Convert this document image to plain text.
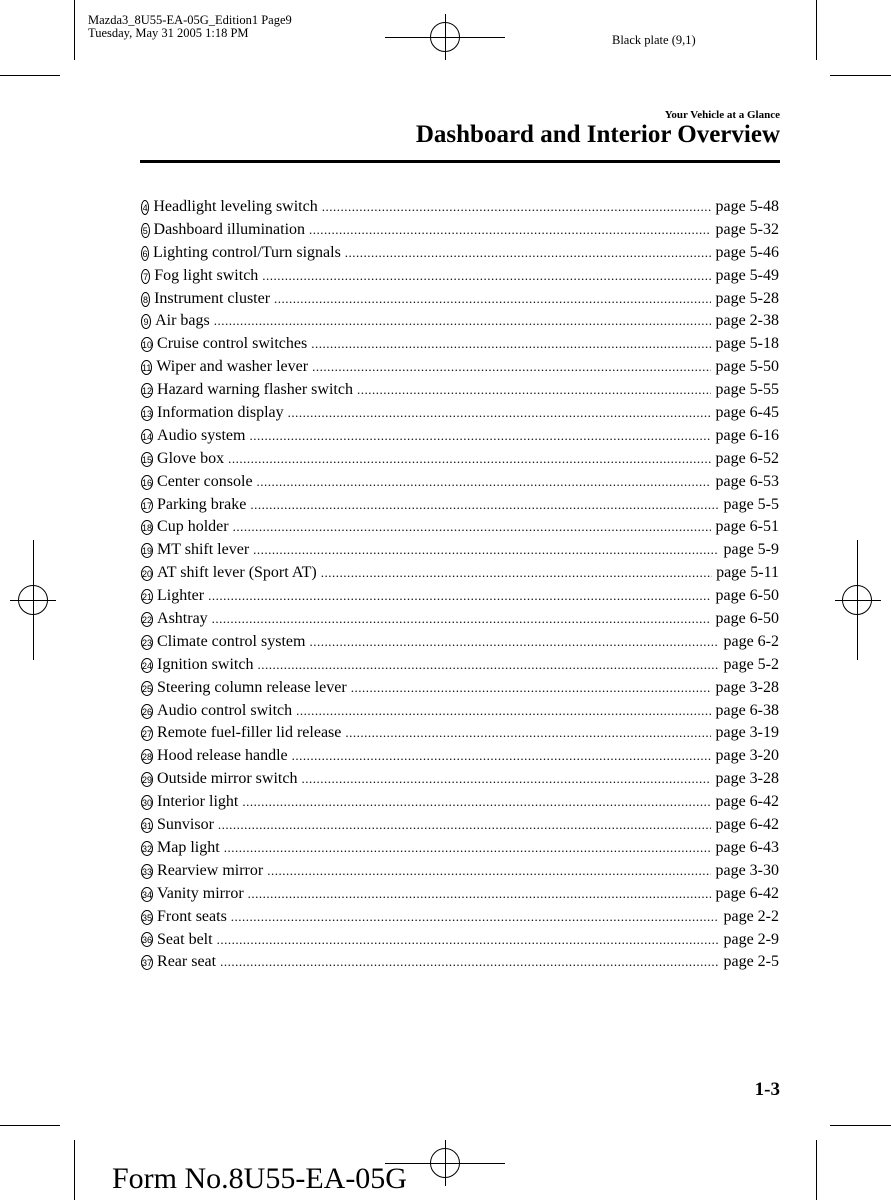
Mazda3_8U55-EA-05G_Edition1 Page9
Tuesday, May 31 2005 1:18 PM	Black plate (9,1)
Your Vehicle at a Glance
Dashboard and Interior Overview
4 Headlight leveling switch .....	page 5-48
5 Dashboard illumination .....	page 5-32
6 Lighting control/Turn signals .....	page 5-46
7 Fog light switch .....	page 5-49
8 Instrument cluster .....	page 5-28
9 Air bags .....	page 2-38
10 Cruise control switches .....	page 5-18
11 Wiper and washer lever .....	page 5-50
12 Hazard warning flasher switch .....	page 5-55
13 Information display .....	page 6-45
14 Audio system .....	page 6-16
15 Glove box .....	page 6-52
16 Center console .....	page 6-53
17 Parking brake .....	page 5-5
18 Cup holder .....	page 6-51
19 MT shift lever .....	page 5-9
20 AT shift lever (Sport AT) .....	page 5-11
21 Lighter .....	page 6-50
22 Ashtray .....	page 6-50
23 Climate control system .....	page 6-2
24 Ignition switch .....	page 5-2
25 Steering column release lever .....	page 3-28
26 Audio control switch .....	page 6-38
27 Remote fuel-filler lid release .....	page 3-19
28 Hood release handle .....	page 3-20
29 Outside mirror switch .....	page 3-28
30 Interior light .....	page 6-42
31 Sunvisor .....	page 6-42
32 Map light .....	page 6-43
33 Rearview mirror .....	page 3-30
34 Vanity mirror .....	page 6-42
35 Front seats .....	page 2-2
36 Seat belt .....	page 2-9
37 Rear seat .....	page 2-5
1-3
Form No.8U55-EA-05G
